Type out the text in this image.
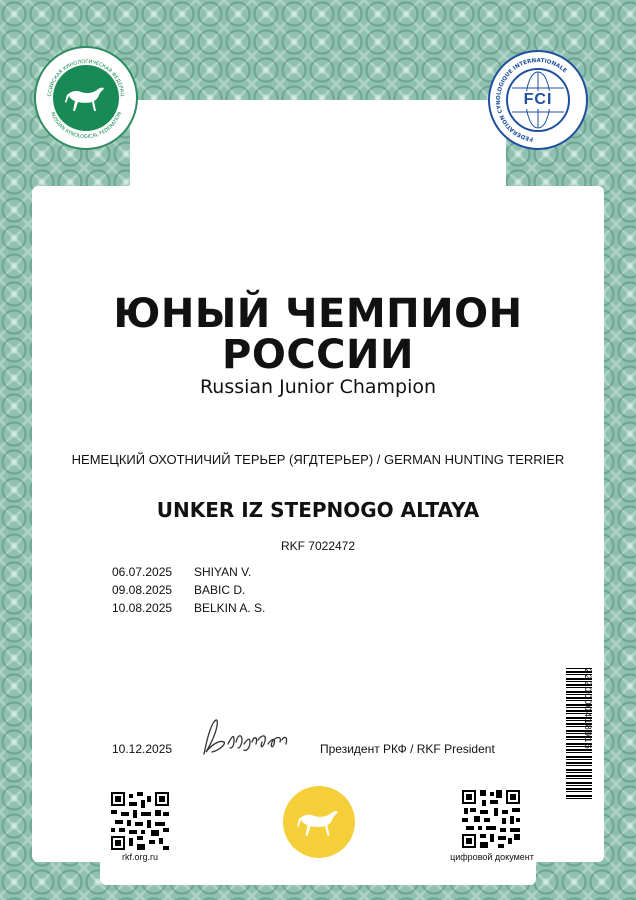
ССИЙСКАЯ КИНОЛОГИЧЕСКАЯ ФЕДЕРАЦ
RUSSIAN KYNOLOGICAL FEDERATION
FEDERATION CYNOLOGIQUE INTERNATIONALE
FCI
ЮНЫЙ ЧЕМПИОН
РОССИИ
Russian Junior Champion
НЕМЕЦКИЙ ОХОТНИЧИЙ ТЕРЬЕР (ЯГДТЕРЬЕР) / GERMAN HUNTING TERRIER
UNKER IZ STEPNOGO ALTAYA
RKF 7022472
06.07.2025	SHIYAN V.
09.08.2025	BABIC D.
10.08.2025	BELKIN A. S.
10.12.2025	Президент РКФ / RKF President	2220000418916
rkf.org.ru	цифровой документ
